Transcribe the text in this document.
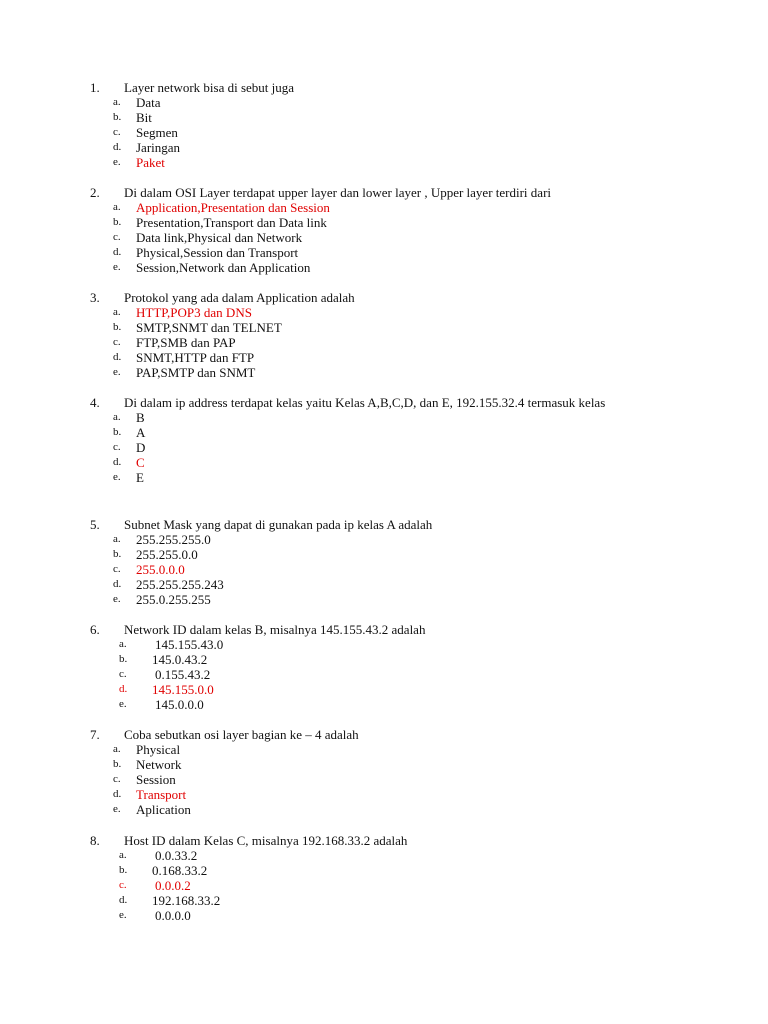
1. Layer network bisa di sebut juga
a. Data
b. Bit
c. Segmen
d. Jaringan
e. Paket
2. Di dalam OSI Layer terdapat upper layer dan lower layer , Upper layer terdiri dari
a. Application,Presentation dan Session
b. Presentation,Transport dan Data link
c. Data link,Physical dan Network
d. Physical,Session dan Transport
e. Session,Network dan Application
3. Protokol yang ada dalam Application adalah
a. HTTP,POP3 dan DNS
b. SMTP,SNMT dan TELNET
c. FTP,SMB dan PAP
d. SNMT,HTTP dan FTP
e. PAP,SMTP dan SNMT
4.	Di dalam ip address terdapat kelas yaitu Kelas A,B,C,D, dan E, 192.155.32.4 termasuk kelas
a. B
b. A
c. D
d. C
e. E
5. Subnet Mask yang dapat di gunakan pada ip kelas A adalah
a. 255.255.255.0
b. 255.255.0.0
c. 255.0.0.0
d. 255.255.255.243
e. 255.0.255.255
6. Network ID dalam kelas B, misalnya 145.155.43.2 adalah
a. 145.155.43.0
b. 145.0.43.2
c. 0.155.43.2
d. 145.155.0.0
e. 145.0.0.0
7. Coba sebutkan osi layer bagian ke – 4 adalah
a. Physical
b. Network
c. Session
d. Transport
e. Aplication
8. Host ID dalam Kelas C, misalnya 192.168.33.2 adalah
a. 0.0.33.2
b. 0.168.33.2
c. 0.0.0.2
d. 192.168.33.2
e. 0.0.0.0
